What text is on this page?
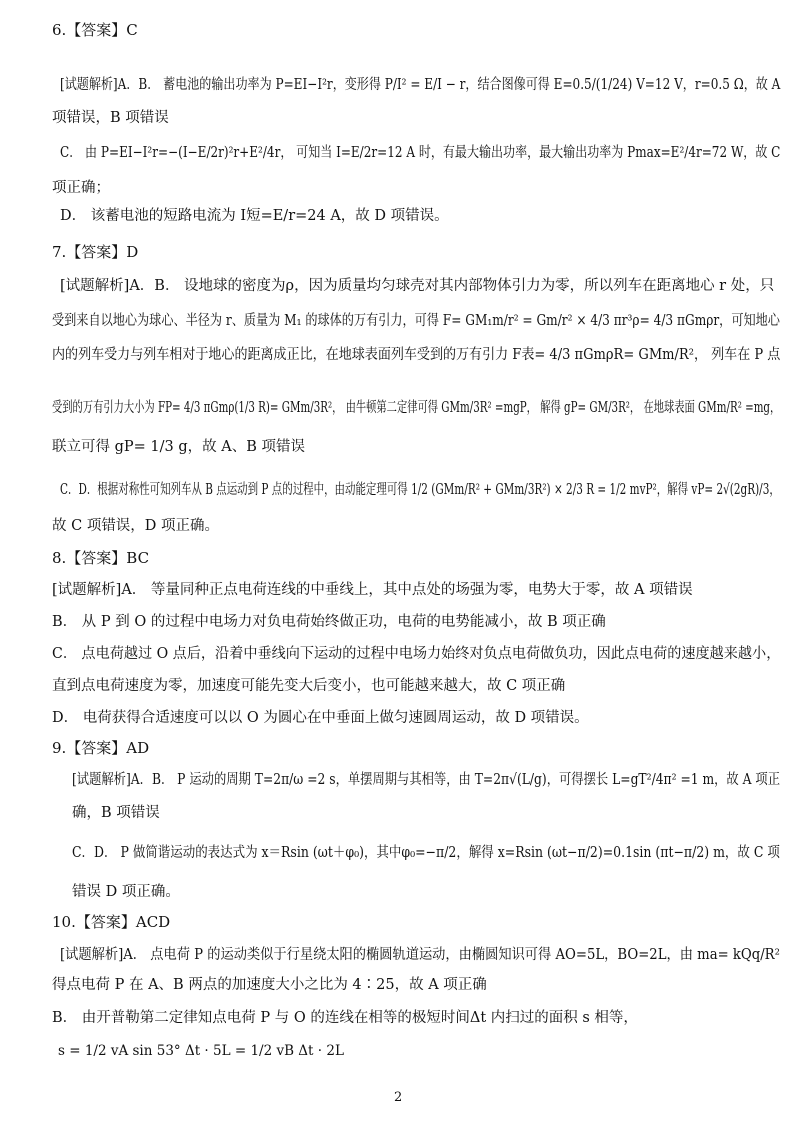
6.【答案】C
[试题解析]A．B． 蓄电池的输出功率为 P=EI−I²r，变形得 P/I² = E/I − r，结合图像可得 E=0.5/(1/24) V=12 V，r=0.5 Ω，故 A
项错误，B 项错误
C． 由 P=EI−I²r=−(I−E/2r)²r+E²/4r， 可知当 I=E/2r=12 A 时，有最大输出功率，最大输出功率为 Pmax=E²/4r=72 W，故 C
项正确；
D． 该蓄电池的短路电流为 I短=E/r=24 A，故 D 项错误。
7.【答案】D
[试题解析]A．B． 设地球的密度为ρ，因为质量均匀球壳对其内部物体引力为零，所以列车在距离地心 r 处，只
受到来自以地心为球心、半径为 r、质量为 M₁ 的球体的万有引力，可得 F= GM₁m/r² = Gm/r² × 4/3 πr³ρ= 4/3 πGmρr，可知地心
内的列车受力与列车相对于地心的距离成正比，在地球表面列车受到的万有引力 F表= 4/3 πGmρR= GMm/R²， 列车在 P 点
受到的万有引力大小为 FP= 4/3 πGmρ(1/3 R)= GMm/3R²， 由牛顿第二定律可得 GMm/3R² =mgP， 解得 gP= GM/3R²， 在地球表面 GMm/R² =mg，
联立可得 gP= 1/3 g，故 A、B 项错误
C．D．根据对称性可知列车从 B 点运动到 P 点的过程中，由动能定理可得 1/2 (GMm/R² + GMm/3R²) × 2/3 R = 1/2 mvP²，解得 vP= 2√(2gR)/3，
故 C 项错误，D 项正确。
8.【答案】BC
[试题解析]A． 等量同种正点电荷连线的中垂线上，其中点处的场强为零，电势大于零，故 A 项错误
B． 从 P 到 O 的过程中电场力对负电荷始终做正功，电荷的电势能减小，故 B 项正确
C． 点电荷越过 O 点后，沿着中垂线向下运动的过程中电场力始终对负点电荷做负功，因此点电荷的速度越来越小，
直到点电荷速度为零，加速度可能先变大后变小，也可能越来越大，故 C 项正确
D． 电荷获得合适速度可以以 O 为圆心在中垂面上做匀速圆周运动，故 D 项错误。
9.【答案】AD
[试题解析]A．B． P 运动的周期 T=2π/ω =2 s，单摆周期与其相等，由 T=2π√(L/g)，可得摆长 L=gT²/4π² =1 m，故 A 项正
确，B 项错误
C．D． P 做简谐运动的表达式为 x＝Rsin (ωt＋φ₀)，其中φ₀=−π/2，解得 x=Rsin (ωt−π/2)=0.1sin (πt−π/2) m，故 C 项
错误 D 项正确。
10.【答案】ACD
[试题解析]A． 点电荷 P 的运动类似于行星绕太阳的椭圆轨道运动，由椭圆知识可得 AO=5L，BO=2L，由 ma= kQq/R²
得点电荷 P 在 A、B 两点的加速度大小之比为 4∶25，故 A 项正确
B． 由开普勒第二定律知点电荷 P 与 O 的连线在相等的极短时间Δt 内扫过的面积 s 相等，
s = 1/2 vA sin 53° Δt · 5L = 1/2 vB Δt · 2L
2
